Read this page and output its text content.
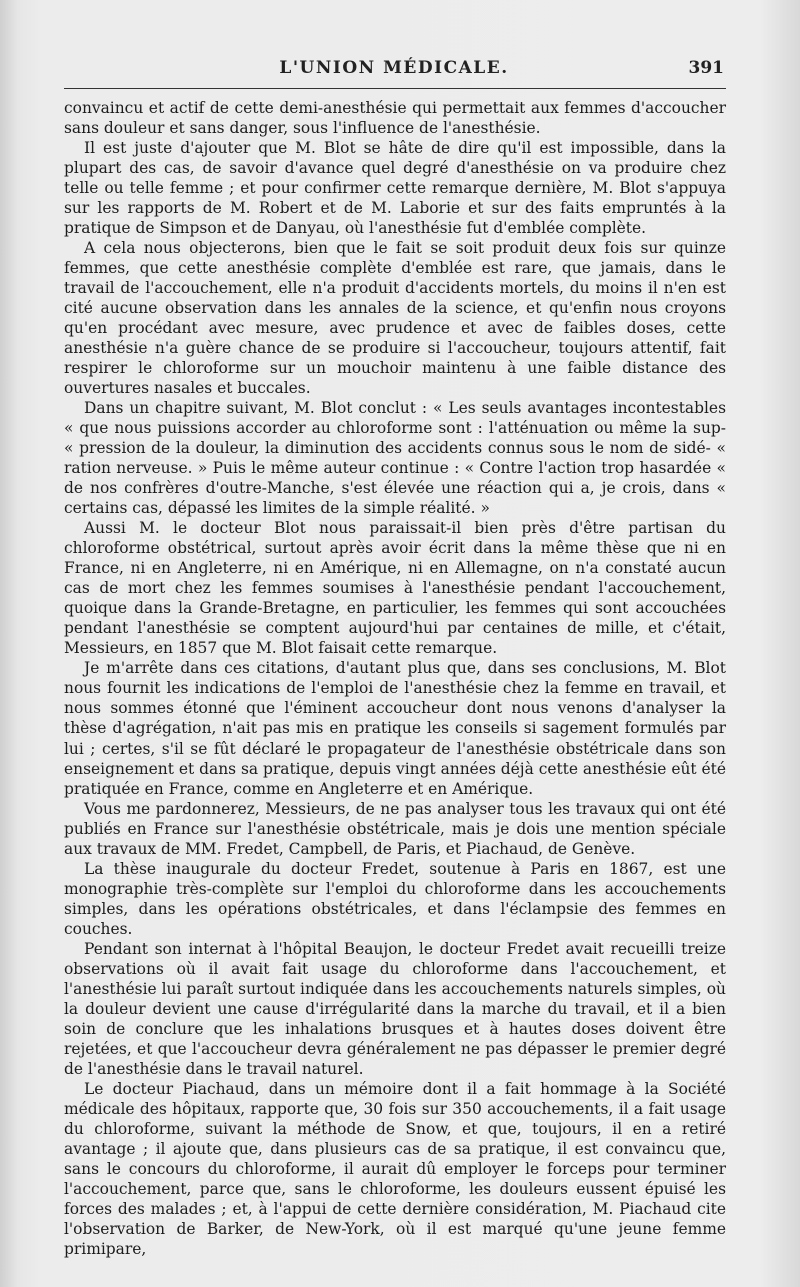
L'UNION MÉDICALE.	391

convaincu et actif de cette demi-anesthésie qui permettait aux femmes d'accoucher sans douleur et sans danger, sous l'influence de l'anesthésie.

Il est juste d'ajouter que M. Blot se hâte de dire qu'il est impossible, dans la plupart des cas, de savoir d'avance quel degré d'anesthésie on va produire chez telle ou telle femme ; et pour confirmer cette remarque dernière, M. Blot s'appuya sur les rapports de M. Robert et de M. Laborie et sur des faits empruntés à la pratique de Simpson et de Danyau, où l'anesthésie fut d'emblée complète.

A cela nous objecterons, bien que le fait se soit produit deux fois sur quinze femmes, que cette anesthésie complète d'emblée est rare, que jamais, dans le travail de l'accouchement, elle n'a produit d'accidents mortels, du moins il n'en est cité aucune observation dans les annales de la science, et qu'enfin nous croyons qu'en procédant avec mesure, avec prudence et avec de faibles doses, cette anesthésie n'a guère chance de se produire si l'accoucheur, toujours attentif, fait respirer le chloroforme sur un mouchoir maintenu à une faible distance des ouvertures nasales et buccales.

Dans un chapitre suivant, M. Blot conclut : « Les seuls avantages incontestables « que nous puissions accorder au chloroforme sont : l'atténuation ou même la sup- « pression de la douleur, la diminution des accidents connus sous le nom de sidé- « ration nerveuse. » Puis le même auteur continue : « Contre l'action trop hasardée « de nos confrères d'outre-Manche, s'est élevée une réaction qui a, je crois, dans « certains cas, dépassé les limites de la simple réalité. »

Aussi M. le docteur Blot nous paraissait-il bien près d'être partisan du chloroforme obstétrical, surtout après avoir écrit dans la même thèse que ni en France, ni en Angleterre, ni en Amérique, ni en Allemagne, on n'a constaté aucun cas de mort chez les femmes soumises à l'anesthésie pendant l'accouchement, quoique dans la Grande-Bretagne, en particulier, les femmes qui sont accouchées pendant l'anesthésie se comptent aujourd'hui par centaines de mille, et c'était, Messieurs, en 1857 que M. Blot faisait cette remarque.

Je m'arrête dans ces citations, d'autant plus que, dans ses conclusions, M. Blot nous fournit les indications de l'emploi de l'anesthésie chez la femme en travail, et nous sommes étonné que l'éminent accoucheur dont nous venons d'analyser la thèse d'agrégation, n'ait pas mis en pratique les conseils si sagement formulés par lui ; certes, s'il se fût déclaré le propagateur de l'anesthésie obstétricale dans son enseignement et dans sa pratique, depuis vingt années déjà cette anesthésie eût été pratiquée en France, comme en Angleterre et en Amérique.

Vous me pardonnerez, Messieurs, de ne pas analyser tous les travaux qui ont été publiés en France sur l'anesthésie obstétricale, mais je dois une mention spéciale aux travaux de MM. Fredet, Campbell, de Paris, et Piachaud, de Genève.

La thèse inaugurale du docteur Fredet, soutenue à Paris en 1867, est une monographie très-complète sur l'emploi du chloroforme dans les accouchements simples, dans les opérations obstétricales, et dans l'éclampsie des femmes en couches.

Pendant son internat à l'hôpital Beaujon, le docteur Fredet avait recueilli treize observations où il avait fait usage du chloroforme dans l'accouchement, et l'anesthésie lui paraît surtout indiquée dans les accouchements naturels simples, où la douleur devient une cause d'irrégularité dans la marche du travail, et il a bien soin de conclure que les inhalations brusques et à hautes doses doivent être rejetées, et que l'accoucheur devra généralement ne pas dépasser le premier degré de l'anesthésie dans le travail naturel.

Le docteur Piachaud, dans un mémoire dont il a fait hommage à la Société médicale des hôpitaux, rapporte que, 30 fois sur 350 accouchements, il a fait usage du chloroforme, suivant la méthode de Snow, et que, toujours, il en a retiré avantage ; il ajoute que, dans plusieurs cas de sa pratique, il est convaincu que, sans le concours du chloroforme, il aurait dû employer le forceps pour terminer l'accouchement, parce que, sans le chloroforme, les douleurs eussent épuisé les forces des malades ; et, à l'appui de cette dernière considération, M. Piachaud cite l'observation de Barker, de New-York, où il est marqué qu'une jeune femme primipare,
